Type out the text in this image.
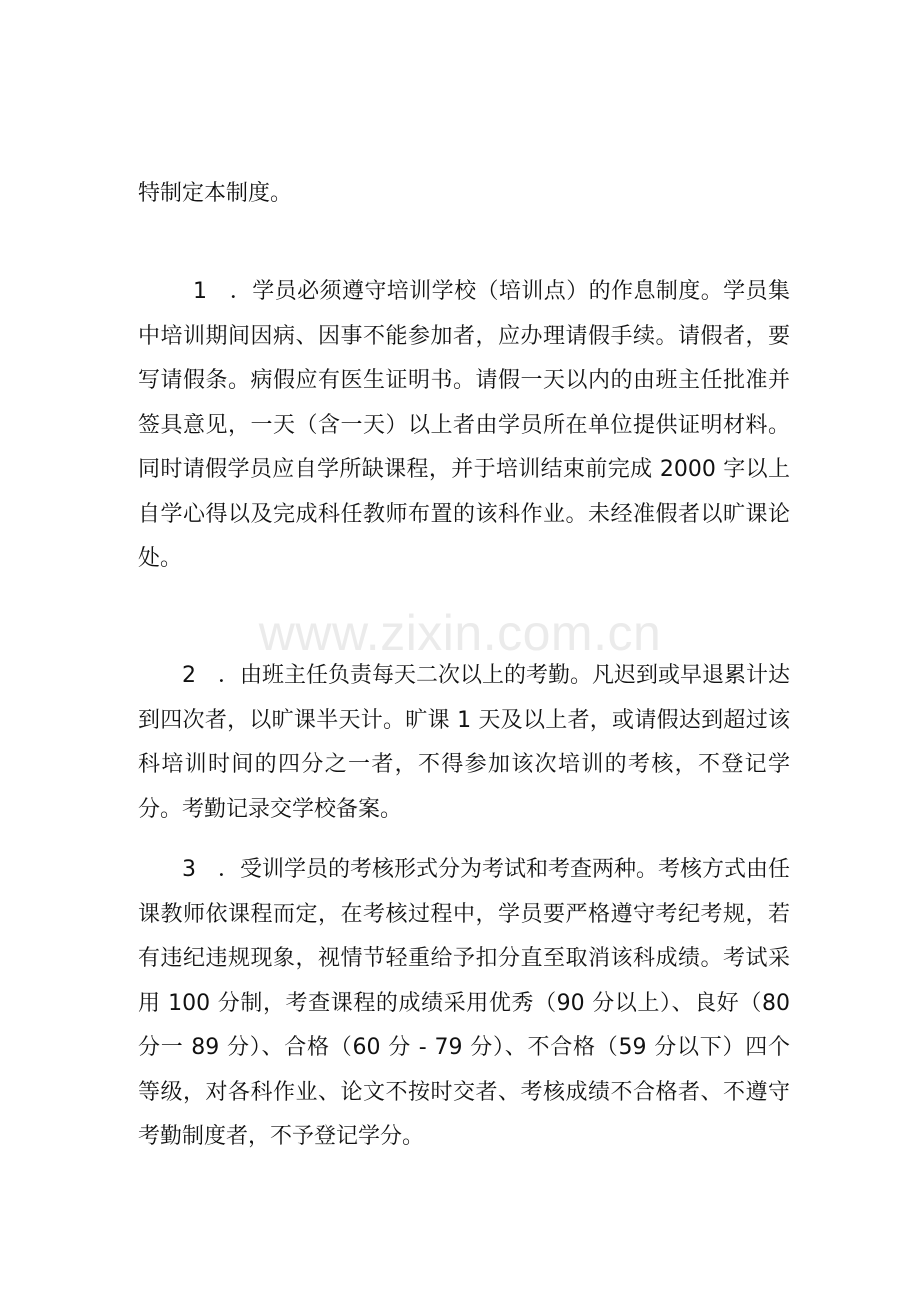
特制定本制度。

1　．学员必须遵守培训学校（培训点）的作息制度。学员集中培训期间因病、因事不能参加者，应办理请假手续。请假者，要写请假条。病假应有医生证明书。请假一天以内的由班主任批准并签具意见，一天（含一天）以上者由学员所在单位提供证明材料。同时请假学员应自学所缺课程，并于培训结束前完成 2000 字以上自学心得以及完成科任教师布置的该科作业。未经准假者以旷课论处。

www.zixin.com.cn

2　．由班主任负责每天二次以上的考勤。凡迟到或早退累计达到四次者，以旷课半天计。旷课 1 天及以上者，或请假达到超过该科培训时间的四分之一者，不得参加该次培训的考核，不登记学分。考勤记录交学校备案。

3　．受训学员的考核形式分为考试和考查两种。考核方式由任课教师依课程而定，在考核过程中，学员要严格遵守考纪考规，若有违纪违规现象，视情节轻重给予扣分直至取消该科成绩。考试采用 100 分制，考查课程的成绩采用优秀（90 分以上）、良好（80 分一 89 分）、合格（60 分 - 79 分）、不合格（59 分以下）四个等级，对各科作业、论文不按时交者、考核成绩不合格者、不遵守考勤制度者，不予登记学分。
